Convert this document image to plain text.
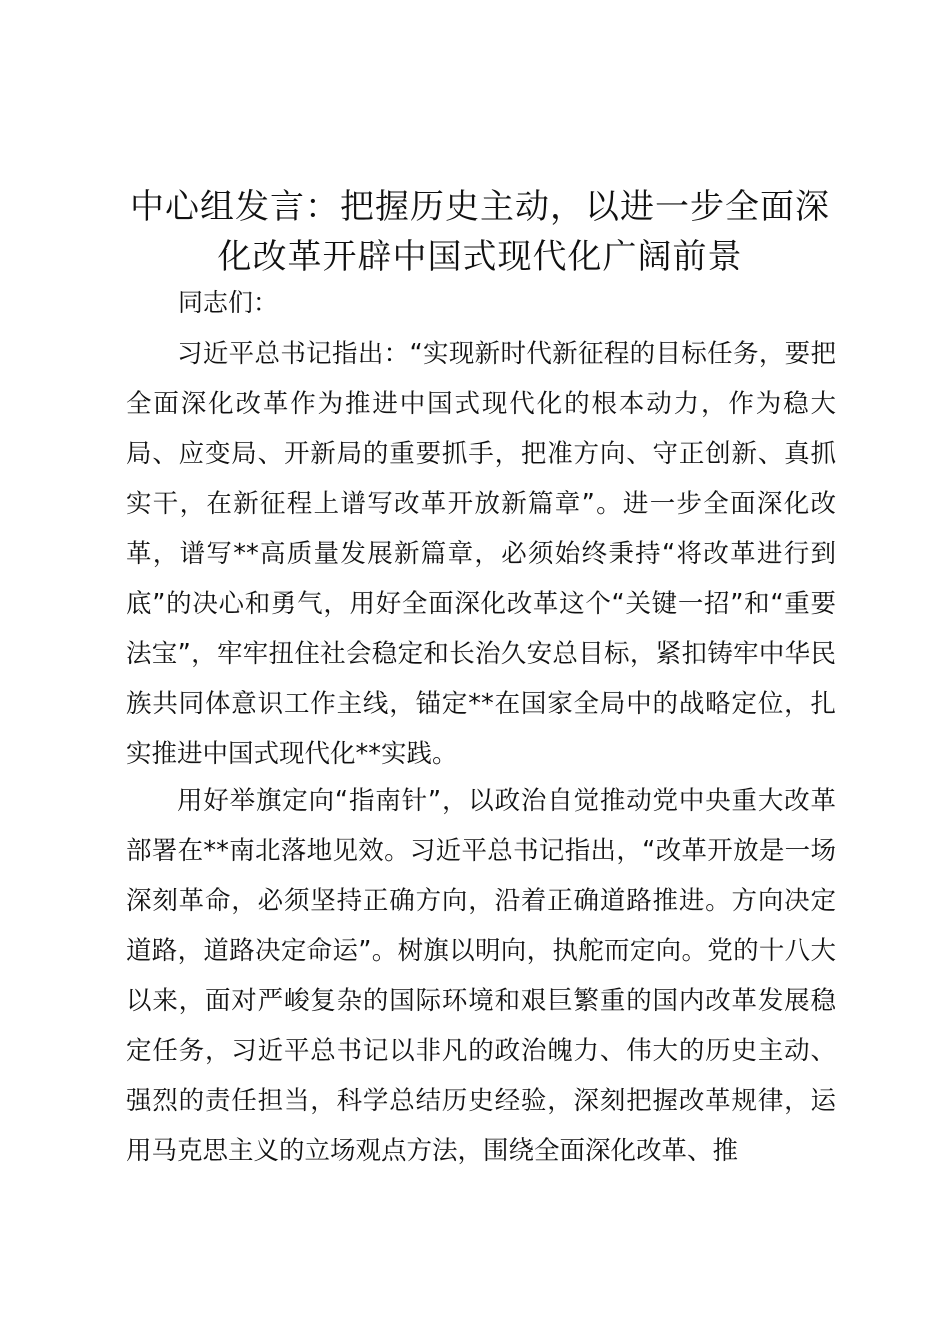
中心组发言：把握历史主动，以进一步全面深
化改革开辟中国式现代化广阔前景

同志们：

习近平总书记指出：“实现新时代新征程的目标任务，要把全面深化改革作为推进中国式现代化的根本动力，作为稳大局、应变局、开新局的重要抓手，把准方向、守正创新、真抓实干，在新征程上谱写改革开放新篇章”。进一步全面深化改革，谱写**高质量发展新篇章，必须始终秉持“将改革进行到底”的决心和勇气，用好全面深化改革这个“关键一招”和“重要法宝”，牢牢扭住社会稳定和长治久安总目标，紧扣铸牢中华民族共同体意识工作主线，锚定**在国家全局中的战略定位，扎实推进中国式现代化**实践。

用好举旗定向“指南针”，以政治自觉推动党中央重大改革部署在**南北落地见效。习近平总书记指出，“改革开放是一场深刻革命，必须坚持正确方向，沿着正确道路推进。方向决定道路，道路决定命运”。树旗以明向，执舵而定向。党的十八大以来，面对严峻复杂的国际环境和艰巨繁重的国内改革发展稳定任务，习近平总书记以非凡的政治魄力、伟大的历史主动、强烈的责任担当，科学总结历史经验，深刻把握改革规律，运用马克思主义的立场观点方法，围绕全面深化改革、推
